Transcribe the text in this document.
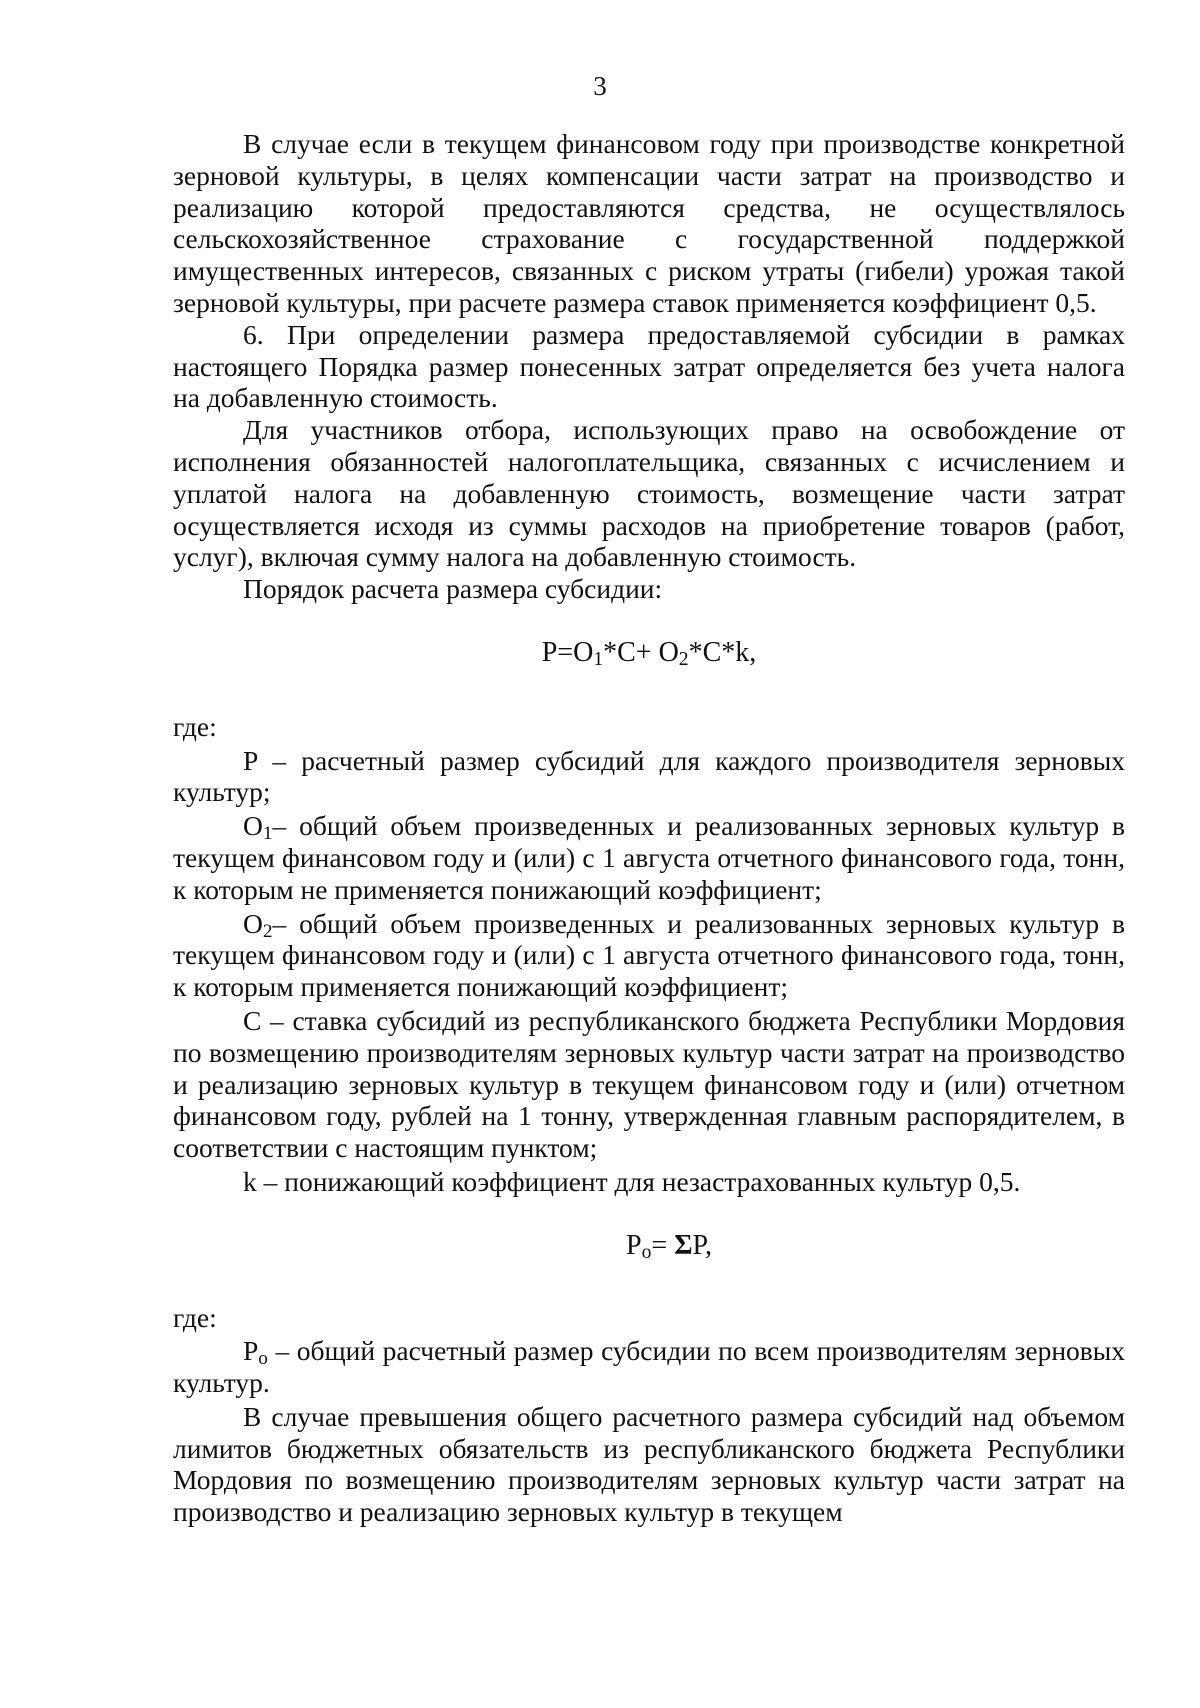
3

В случае если в текущем финансовом году при производстве конкретной зерновой культуры, в целях компенсации части затрат на производство и реализацию которой предоставляются средства, не осуществлялось сельскохозяйственное страхование с государственной поддержкой имущественных интересов, связанных с риском утраты (гибели) урожая такой зерновой культуры, при расчете размера ставок применяется коэффициент 0,5.

6. При определении размера предоставляемой субсидии в рамках настоящего Порядка размер понесенных затрат определяется без учета налога на добавленную стоимость.

Для участников отбора, использующих право на освобождение от исполнения обязанностей налогоплательщика, связанных с исчислением и уплатой налога на добавленную стоимость, возмещение части затрат осуществляется исходя из суммы расходов на приобретение товаров (работ, услуг), включая сумму налога на добавленную стоимость.

Порядок расчета размера субсидии:

$P=O_1*C+ O_2*C*k$,

где:

P – расчетный размер субсидий для каждого производителя зерновых культур;

$O_1-$ общий объем произведенных и реализованных зерновых культур в текущем финансовом году и (или) с 1 августа отчетного финансового года, тонн, к которым не применяется понижающий коэффициент;

$O_2-$ общий объем произведенных и реализованных зерновых культур в текущем финансовом году и (или) с 1 августа отчетного финансового года, тонн, к которым применяется понижающий коэффициент;

C – ставка субсидий из республиканского бюджета Республики Мордовия по возмещению производителям зерновых культур части затрат на производство и реализацию зерновых культур в текущем финансовом году и (или) отчетном финансовом году, рублей на 1 тонну, утвержденная главным распорядителем, в соответствии с настоящим пунктом;

k – понижающий коэффициент для незастрахованных культур 0,5.

$P_o= \Sigma P$,

где:

$P_o$ – общий расчетный размер субсидии по всем производителям зерновых культур.

В случае превышения общего расчетного размера субсидий над объемом лимитов бюджетных обязательств из республиканского бюджета Республики Мордовия по возмещению производителям зерновых культур части затрат на производство и реализацию зерновых культур в текущем
